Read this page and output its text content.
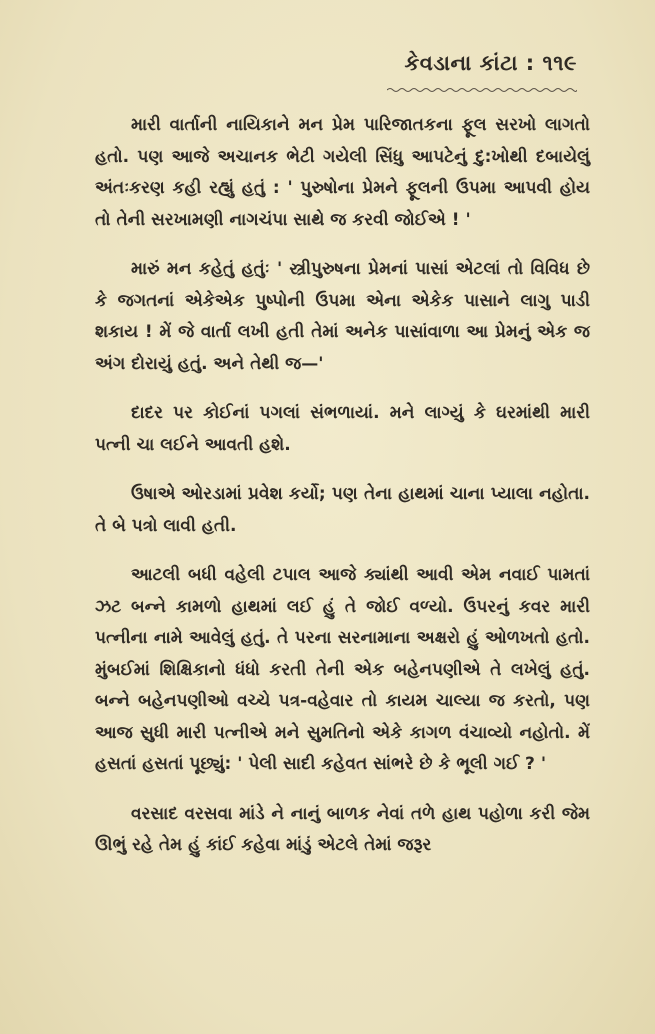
કેવડાના કાંટા : ૧૧૯

મારી વાર્તાની નાયિકાને મન પ્રેમ પારિજાતકના ફૂલ સરખો લાગતો હતો. પણ આજે અચાનક ભેટી ગયેલી સિંધુ આપટેનું દુ:ખોથી દબાયેલું અંતઃકરણ કહી રહ્યું હતું : ' પુરુષોના પ્રેમને ફૂલની ઉપમા આપવી હોય તો તેની સરખામણી નાગચંપા સાથે જ કરવી જોઈએ ! '

મારું મન કહેતું હતુંઃ ' સ્ત્રીપુરુષના પ્રેમનાં પાસાં એટલાં તો વિવિધ છે કે જગતનાં એકેએક પુષ્પોની ઉપમા એના એકેક પાસાને લાગુ પાડી શકાય ! મેં જે વાર્તા લખી હતી તેમાં અનેક પાસાંવાળા આ પ્રેમનું એક જ અંગ દોરાયું હતું. અને તેથી જ—'

દાદર પર કોઈનાં પગલાં સંભળાયાં. મને લાગ્યું કે ઘરમાંથી મારી પત્ની ચા લઈને આવતી હશે.

ઉષાએ ઓરડામાં પ્રવેશ કર્યો; પણ તેના હાથમાં ચાના પ્યાલા નહોતા. તે બે પત્રો લાવી હતી.

આટલી બધી વહેલી ટપાલ આજે ક્યાંથી આવી એમ નવાઈ પામતાં ઝટ બન્ને કામળો હાથમાં લઈ હું તે જોઈ વળ્યો. ઉપરનું કવર મારી પત્નીના નામે આવેલું હતું. તે પરના સરનામાના અક્ષરો હું ઓળખતો હતો. મુંબઈમાં શિક્ષિકાનો ધંધો કરતી તેની એક બહેનપણીએ તે લખેલું હતું. બન્ને બહેનપણીઓ વચ્ચે પત્ર-વહેવાર તો કાયમ ચાલ્યા જ કરતો, પણ આજ સુધી મારી પત્નીએ મને સુમતિનો એકે કાગળ વંચાવ્યો નહોતો. મેં હસતાં હસતાં પૂછ્યું: ' પેલી સાદી કહેવત સાંભરે છે કે ભૂલી ગઈ ? '

વરસાદ વરસવા માંડે ને નાનું બાળક નેવાં તળે હાથ પહોળા કરી જેમ ઊભું રહે તેમ હું કાંઈ કહેવા માંડું એટલે તેમાં જરૂર
